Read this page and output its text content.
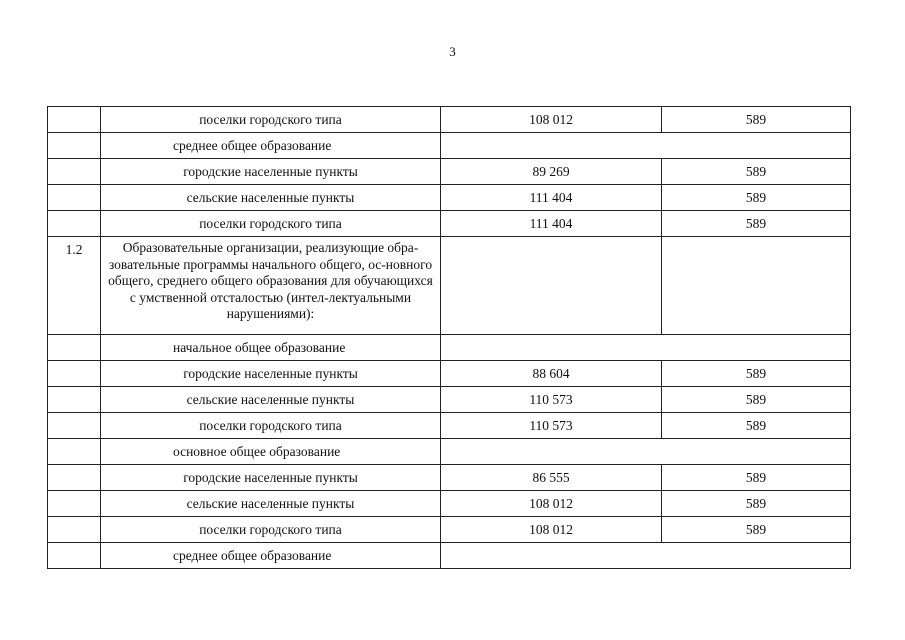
3
	поселки городского типа	108 012	589
	среднее общее образование		
	городские населенные пункты	89 269	589
	сельские населенные пункты	111 404	589
	поселки городского типа	111 404	589
1.2	Образовательные организации, реализующие обра-зовательные программы начального общего, ос-новного общего, среднего общего образования для обучающихся с умственной отсталостью (интел-лектуальными нарушениями):		
	начальное общее образование		
	городские населенные пункты	88 604	589
	сельские населенные пункты	110 573	589
	поселки городского типа	110 573	589
	основное общее образование		
	городские населенные пункты	86 555	589
	сельские населенные пункты	108 012	589
	поселки городского типа	108 012	589
	среднее общее образование		
